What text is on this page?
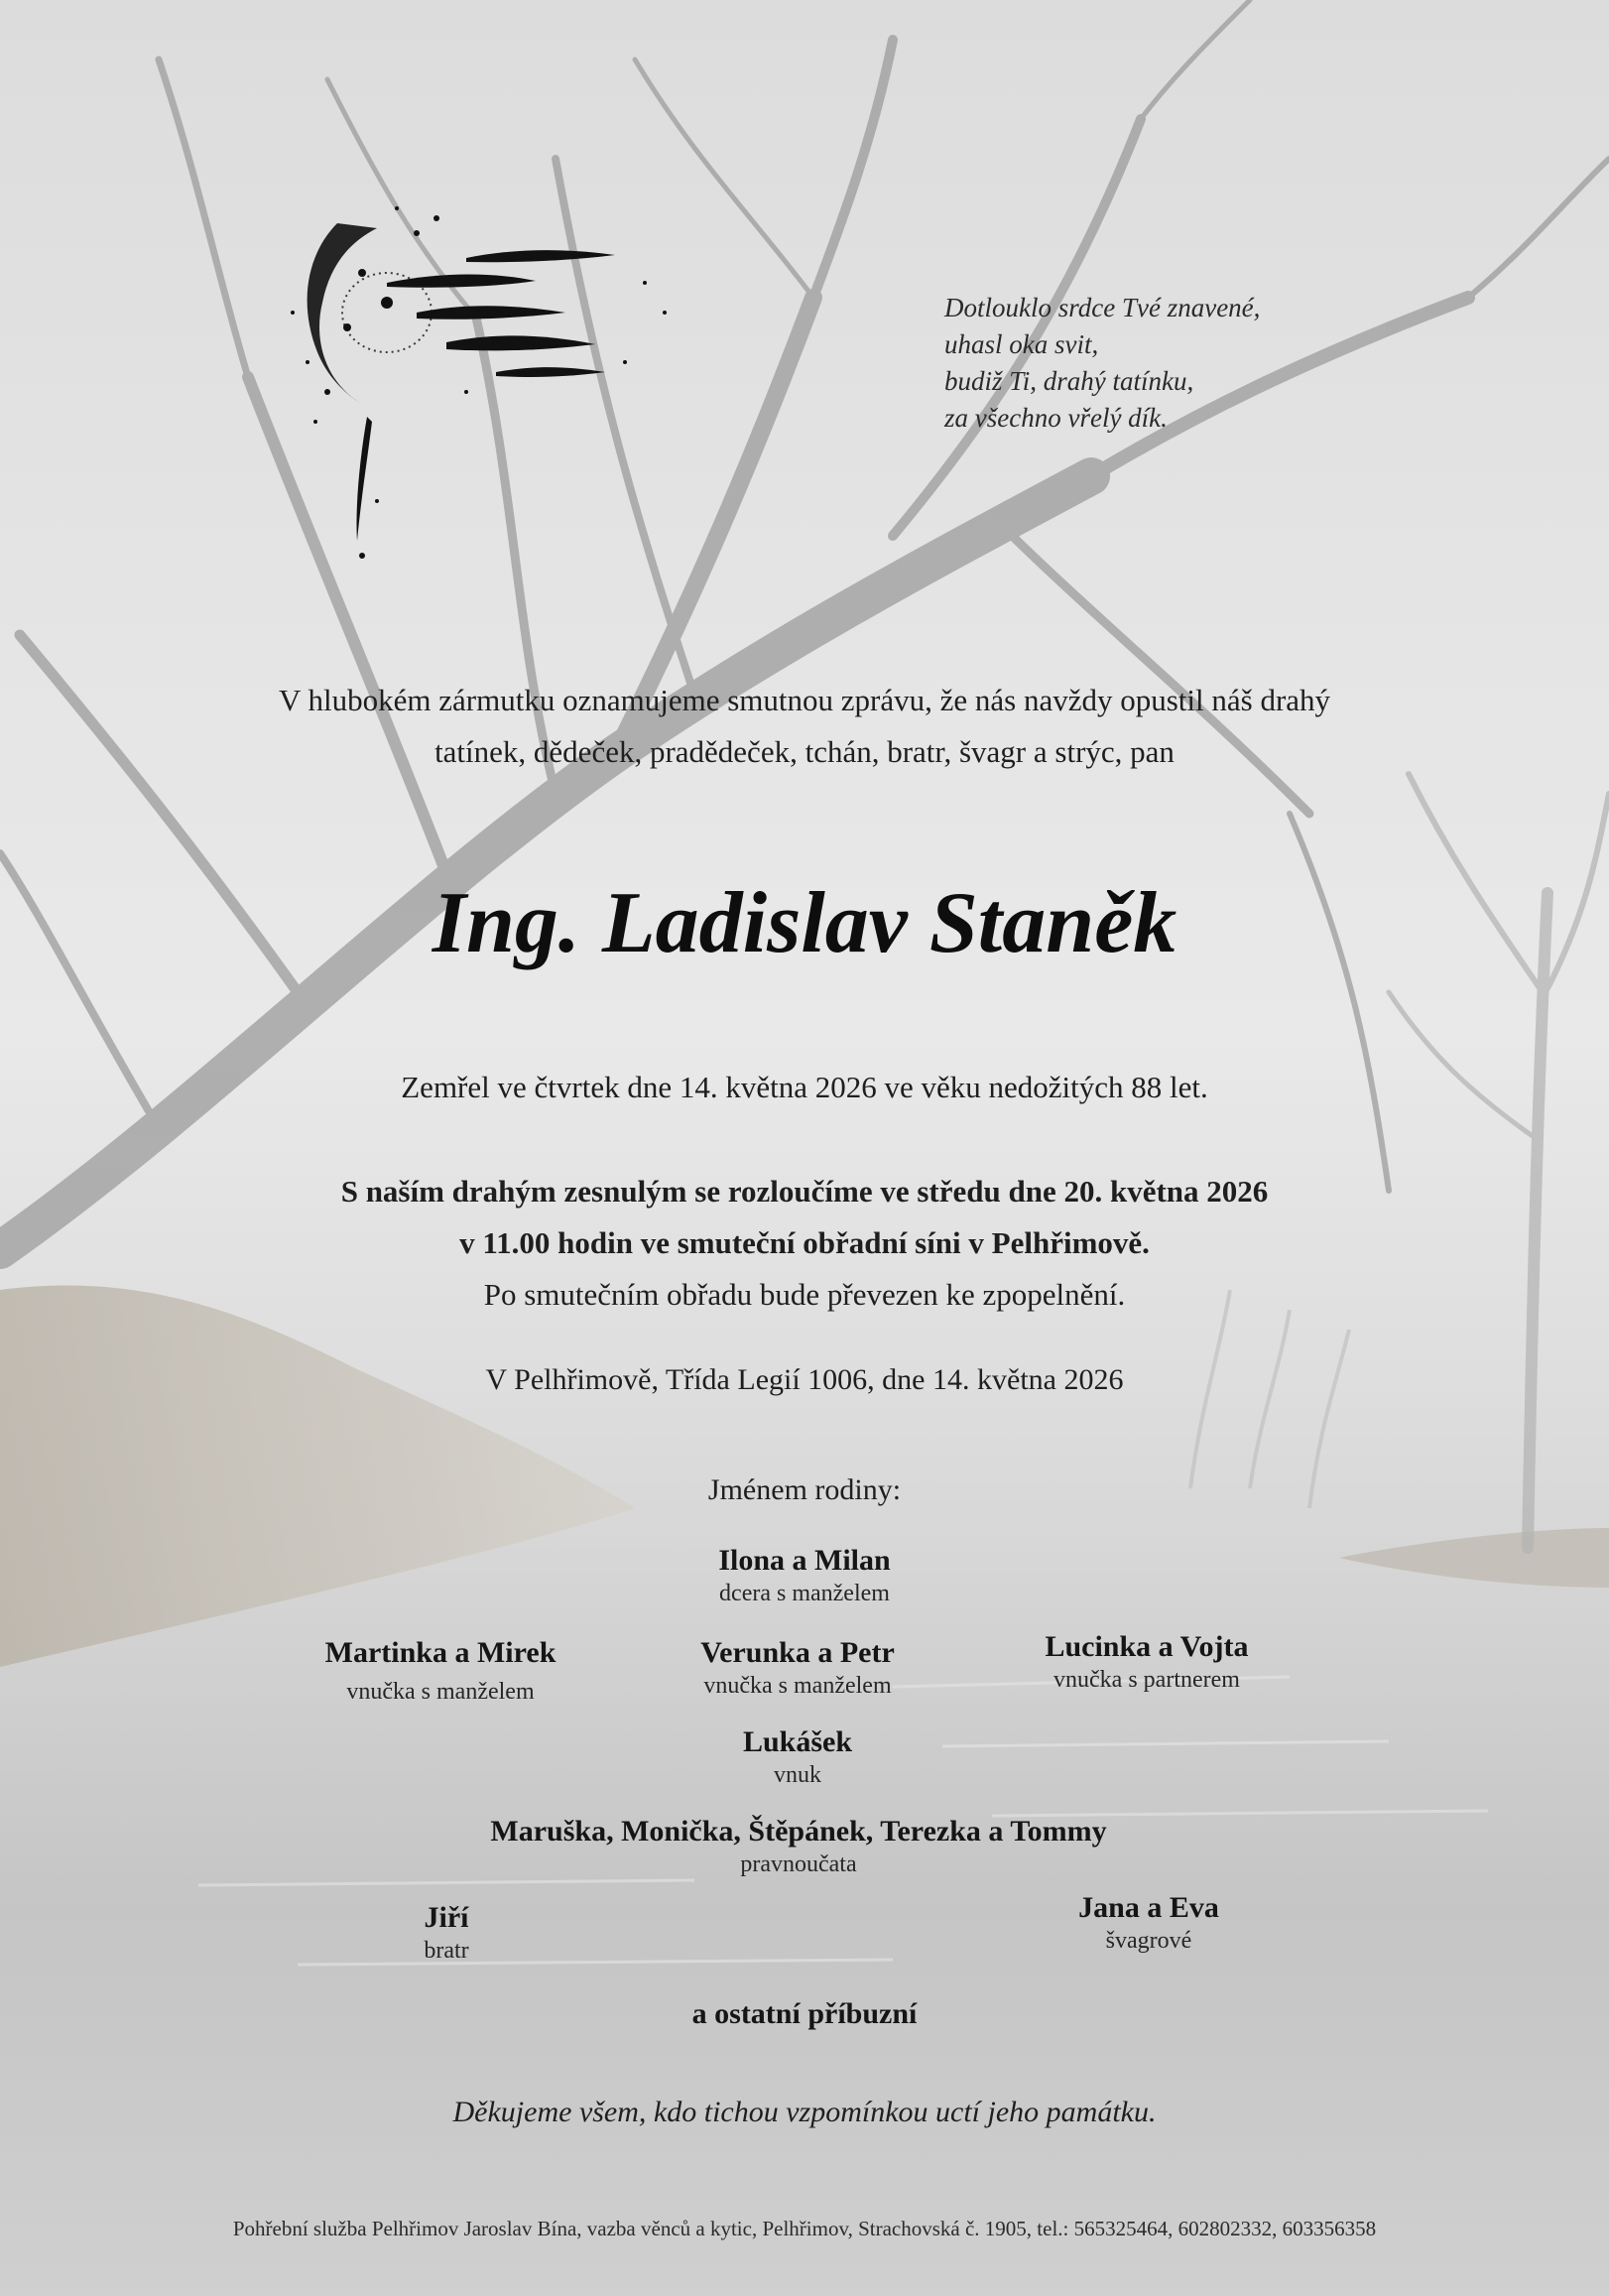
Dotlouklo srdce Tvé znavené,
uhasl oka svit,
budiž Ti, drahý tatínku,
za všechno vřelý dík.
V hlubokém zármutku oznamujeme smutnou zprávu, že nás navždy opustil náš drahý
tatínek, dědeček, pradědeček, tchán, bratr, švagr a strýc, pan
Ing. Ladislav Staněk
Zemřel ve čtvrtek dne 14. května 2026 ve věku nedožitých 88 let.
S naším drahým zesnulým se rozloučíme ve středu dne 20. května 2026
v 11.00 hodin ve smuteční obřadní síni v Pelhřimově.
Po smutečním obřadu bude převezen ke zpopelnění.
V Pelhřimově, Třída Legií 1006, dne 14. května 2026
Jménem rodiny:
Ilona a Milan
dcera s manželem
Martinka a Mirek
vnučka s manželem
Verunka a Petr
vnučka s manželem
Lucinka a Vojta
vnučka s partnerem
Lukášek
vnuk
Maruška, Monička, Štěpánek, Terezka a Tommy
pravnoučata
Jiří
bratr
Jana a Eva
švagrové
a ostatní příbuzní
Děkujeme všem, kdo tichou vzpomínkou uctí jeho památku.
Pohřební služba Pelhřimov Jaroslav Bína, vazba věnců a kytic, Pelhřimov, Strachovská č. 1905, tel.: 565325464, 602802332, 603356358
